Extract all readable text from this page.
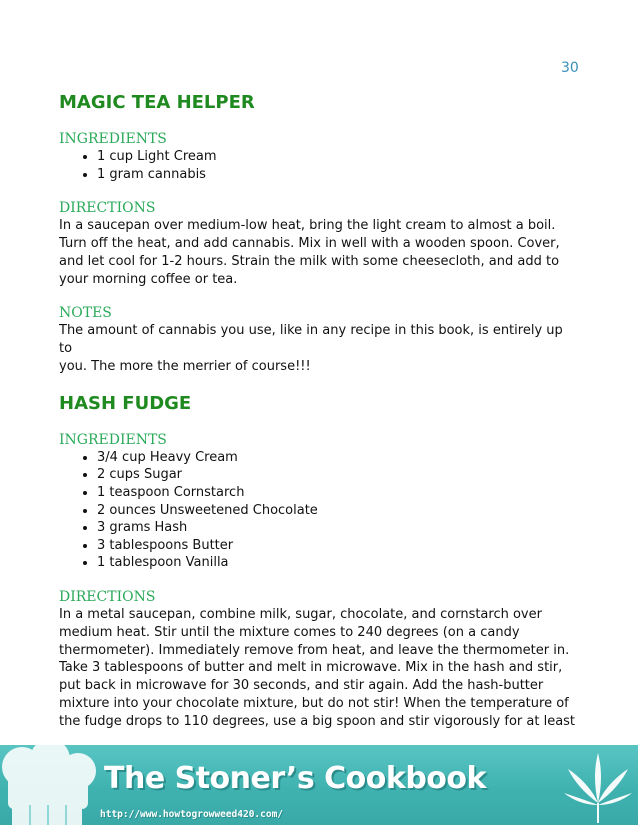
30
MAGIC TEA HELPER
INGREDIENTS
• 1 cup Light Cream
• 1 gram cannabis
DIRECTIONS
In a saucepan over medium-low heat, bring the light cream to almost a boil.
Turn off the heat, and add cannabis. Mix in well with a wooden spoon. Cover,
and let cool for 1-2 hours. Strain the milk with some cheesecloth, and add to
your morning coffee or tea.
NOTES
The amount of cannabis you use, like in any recipe in this book, is entirely up to
you. The more the merrier of course!!!
HASH FUDGE
INGREDIENTS
• 3/4 cup Heavy Cream
• 2 cups Sugar
• 1 teaspoon Cornstarch
• 2 ounces Unsweetened Chocolate
• 3 grams Hash
• 3 tablespoons Butter
• 1 tablespoon Vanilla
DIRECTIONS
In a metal saucepan, combine milk, sugar, chocolate, and cornstarch over
medium heat. Stir until the mixture comes to 240 degrees (on a candy
thermometer). Immediately remove from heat, and leave the thermometer in.
Take 3 tablespoons of butter and melt in microwave. Mix in the hash and stir,
put back in microwave for 30 seconds, and stir again. Add the hash-butter
mixture into your chocolate mixture, but do not stir! When the temperature of
the fudge drops to 110 degrees, use a big spoon and stir vigorously for at least
The Stoner’s Cookbook
http://www.howtogrowweed420.com/
